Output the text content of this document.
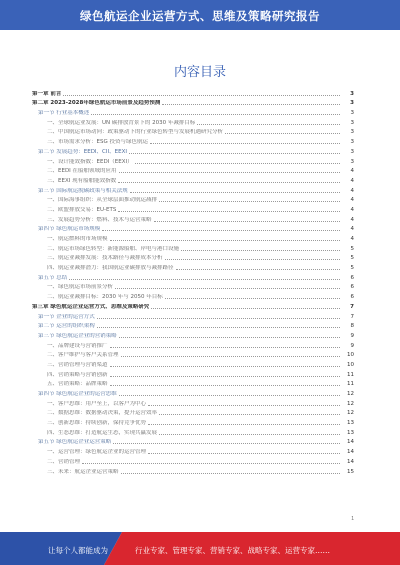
绿色航运企业运营方式、思维及策略研究报告
内容目录
第一章 前言	3
第二章 2023-2028年绿色航运市场前景及趋势预测	3
第一节 行业基本概述	3
一、全球航运业发展：UN 碳排放背景下的 2030 年减排目标	3
二、中国航运市场动向：政策驱动下的行业绿色转型与发展机遇研究分析	3
三、市场需求分析：ESG 投资与绿色航运	3
第二节 发展趋势：EEDI、CII、EEXI	3
一、设计能效指数：EEDI（EEXI）	3
二、EEDI 在船舶领域的应用	4
三、EEXI 现有船舶能效指数	4
第三节 国际航运脱碳政策与相关法规	4
一、国际海事组织：从全球层面推动航运减排	4
二、欧盟排放交易：EU-ETS	4
三、发展趋势分析：燃料、技术与运营策略	4
第四节 绿色航运市场规模	4
一、航运燃料的市场规模	4
二、航运市场绿色转型：新能源船舶、岸电与港口设施	5
三、航运业减排发展：技术路径与减排成本分析	5
四、航运业减排潜力：我国航运业碳排放与减排路径	5
第五节 总结	6
一、绿色航运市场前景分析	6
二、航运业减排目标：2030 年与 2050 年目标	6
第三章 绿色航运企业运营方式、思维及策略研究	7
第一节 企业的运营方式	7
第二节 运营的组织架构	8
第三节 绿色航运企业的营销策略	9
一、品牌建设与营销推广	9
二、客户维护与客户关系管理	10
三、营销管理与营销渠道	10
四、营销策略与营销创新	11
五、营销策略：品牌策略	11
第四节 绿色航运企业的运营思维	12
一、客户思维：用户至上，以客户为中心	12
二、数据思维：数据驱动决策，提升运营效率	12
三、创新思维：持续创新，保持竞争优势	13
四、生态思维：打造航运生态，实现共赢发展	13
第五节 绿色航运企业运营策略	14
一、运营管理：绿色航运企业的运营管理	14
二、营销管理	14
三、未来：航运企业运营策略	15
1
让每个人都能成为	行业专家、管理专家、营销专家、战略专家、运营专家……
